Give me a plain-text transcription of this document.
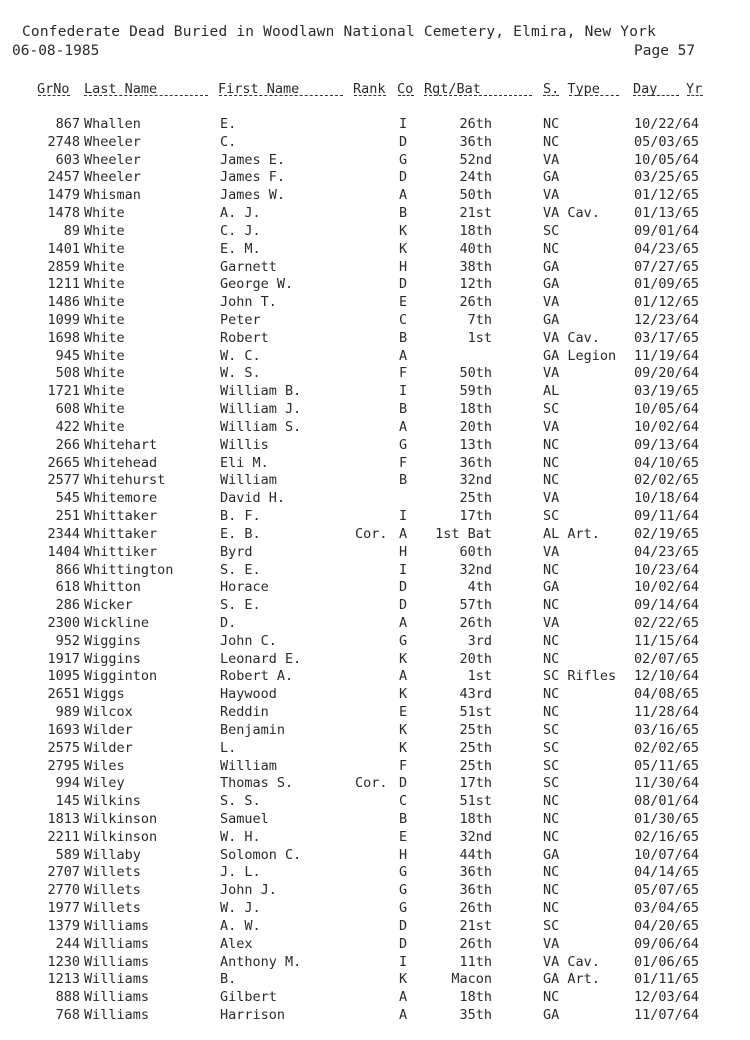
Confederate Dead Buried in Woodlawn National Cemetery, Elmira, New York
06-08-1985	Page 57
GrNo Last Name	First Name	Rank Co Rgt/Bat	S. Type Day Yr
867 Whallen	E.	I	26th	NC	10/22/64
2748 Wheeler	C.	D	36th	NC	05/03/65
603 Wheeler	James E.	G	52nd	VA	10/05/64
2457 Wheeler	James F.	D	24th	GA	03/25/65
1479 Whisman	James W.	A	50th	VA	01/12/65
1478 White	A. J.	B	21st	VA Cav.	01/13/65
89 White	C. J.	K	18th	SC	09/01/64
1401 White	E. M.	K	40th	NC	04/23/65
2859 White	Garnett	H	38th	GA	07/27/65
1211 White	George W.	D	12th	GA	01/09/65
1486 White	John T.	E	26th	VA	01/12/65
1099 White	Peter	C	7th	GA	12/23/64
1698 White	Robert	B	1st	VA Cav.	03/17/65
945 White	W. C.	A	GA Legion 11/19/64
508 White	W. S.	F	50th	VA	09/20/64
1721 White	William B.	I	59th	AL	03/19/65
608 White	William J.	B	18th	SC	10/05/64
422 White	William S.	A	20th	VA	10/02/64
266 Whitehart	Willis	G	13th	NC	09/13/64
2665 Whitehead	Eli M.	F	36th	NC	04/10/65
2577 Whitehurst	William	B	32nd	NC	02/02/65
545 Whitemore	David H.	25th	VA	10/18/64
251 Whittaker	B. F.	I	17th	SC	09/11/64
2344 Whittaker	E. B.	Cor. A	1st Bat	AL Art.	02/19/65
1404 Whittiker	Byrd	H	60th	VA	04/23/65
866 Whittington	S. E.	I	32nd	NC	10/23/64
618 Whitton	Horace	D	4th	GA	10/02/64
286 Wicker	S. E.	D	57th	NC	09/14/64
2300 Wickline	D.	A	26th	VA	02/22/65
952 Wiggins	John C.	G	3rd	NC	11/15/64
1917 Wiggins	Leonard E.	K	20th	NC	02/07/65
1095 Wigginton	Robert A.	A	1st	SC Rifles 12/10/64
2651 Wiggs	Haywood	K	43rd	NC	04/08/65
989 Wilcox	Reddin	E	51st	NC	11/28/64
1693 Wilder	Benjamin	K	25th	SC	03/16/65
2575 Wilder	L.	K	25th	SC	02/02/65
2795 Wiles	William	F	25th	SC	05/11/65
994 Wiley	Thomas S.	Cor. D	17th	SC	11/30/64
145 Wilkins	S. S.	C	51st	NC	08/01/64
1813 Wilkinson	Samuel	B	18th	NC	01/30/65
2211 Wilkinson	W. H.	E	32nd	NC	02/16/65
589 Willaby	Solomon C.	H	44th	GA	10/07/64
2707 Willets	J. L.	G	36th	NC	04/14/65
2770 Willets	John J.	G	36th	NC	05/07/65
1977 Willets	W. J.	G	26th	NC	03/04/65
1379 Williams	A. W.	D	21st	SC	04/20/65
244 Williams	Alex	D	26th	VA	09/06/64
1230 Williams	Anthony M.	I	11th	VA Cav.	01/06/65
1213 Williams	B.	K	Macon	GA Art.	01/11/65
888 Williams	Gilbert	A	18th	NC	12/03/64
768 Williams	Harrison	A	35th	GA	11/07/64
